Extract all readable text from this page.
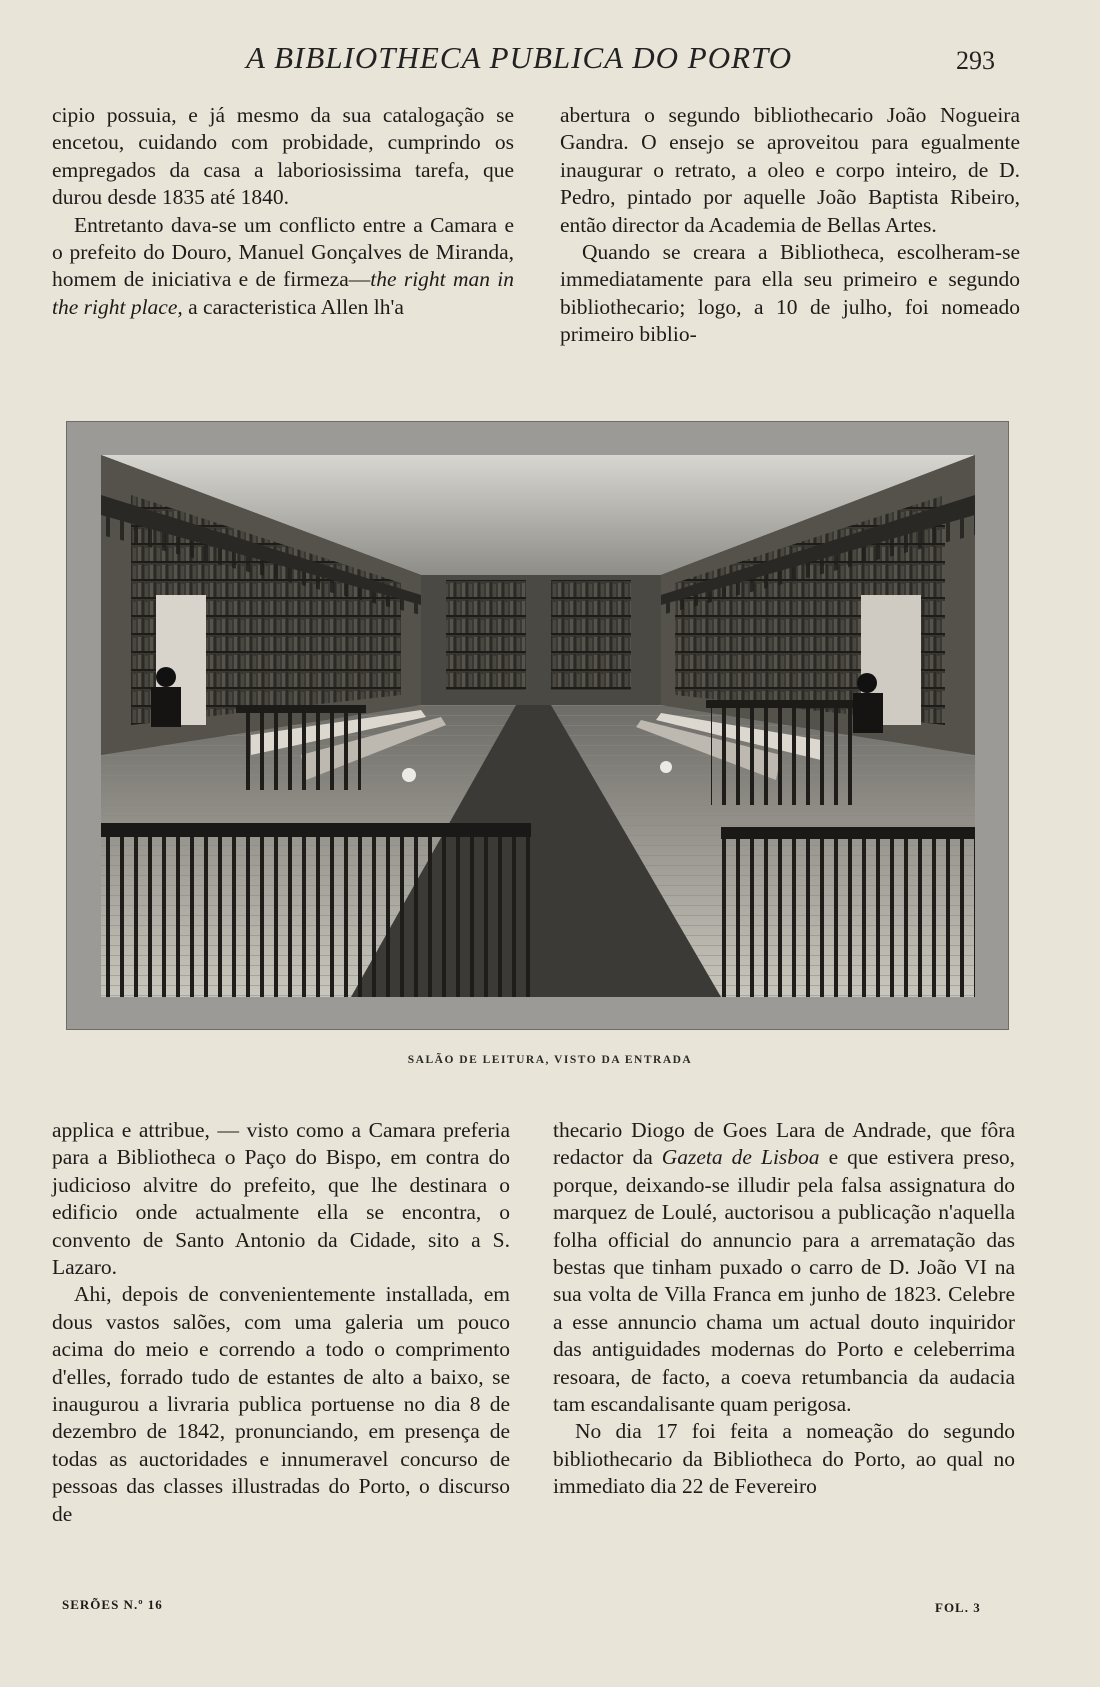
A BIBLIOTHECA PUBLICA DO PORTO	293

cipio possuia, e já mesmo da sua catalogação se encetou, cuidando com probidade, cumprindo os empregados da casa a laboriosissima tarefa, que durou desde 1835 até 1840.

Entretanto dava-se um conflicto entre a Camara e o prefeito do Douro, Manuel Gonçalves de Miranda, homem de iniciativa e de firmeza—the right man in the right place, a caracteristica Allen lh'a

abertura o segundo bibliothecario João Nogueira Gandra. O ensejo se aproveitou para egualmente inaugurar o retrato, a oleo e corpo inteiro, de D. Pedro, pintado por aquelle João Baptista Ribeiro, então director da Academia de Bellas Artes.

Quando se creara a Bibliotheca, escolheram-se immediatamente para ella seu primeiro e segundo bibliothecario; logo, a 10 de julho, foi nomeado primeiro biblio-

SALÃO DE LEITURA, VISTO DA ENTRADA

applica e attribue, — visto como a Camara preferia para a Bibliotheca o Paço do Bispo, em contra do judicioso alvitre do prefeito, que lhe destinara o edificio onde actualmente ella se encontra, o convento de Santo Antonio da Cidade, sito a S. Lazaro.

Ahi, depois de convenientemente installada, em dous vastos salões, com uma galeria um pouco acima do meio e correndo a todo o comprimento d'elles, forrado tudo de estantes de alto a baixo, se inaugurou a livraria publica portuense no dia 8 de dezembro de 1842, pronunciando, em presença de todas as auctoridades e innumeravel concurso de pessoas das classes illustradas do Porto, o discurso de

thecario Diogo de Goes Lara de Andrade, que fôra redactor da Gazeta de Lisboa e que estivera preso, porque, deixando-se illudir pela falsa assignatura do marquez de Loulé, auctorisou a publicação n'aquella folha official do annuncio para a arrematação das bestas que tinham puxado o carro de D. João VI na sua volta de Villa Franca em junho de 1823. Celebre a esse annuncio chama um actual douto inquiridor das antiguidades modernas do Porto e celeberrima resoara, de facto, a coeva retumbancia da audacia tam escandalisante quam perigosa.

No dia 17 foi feita a nomeação do segundo bibliothecario da Bibliotheca do Porto, ao qual no immediato dia 22 de Fevereiro

SERÕES N.º 16	FOL. 3
